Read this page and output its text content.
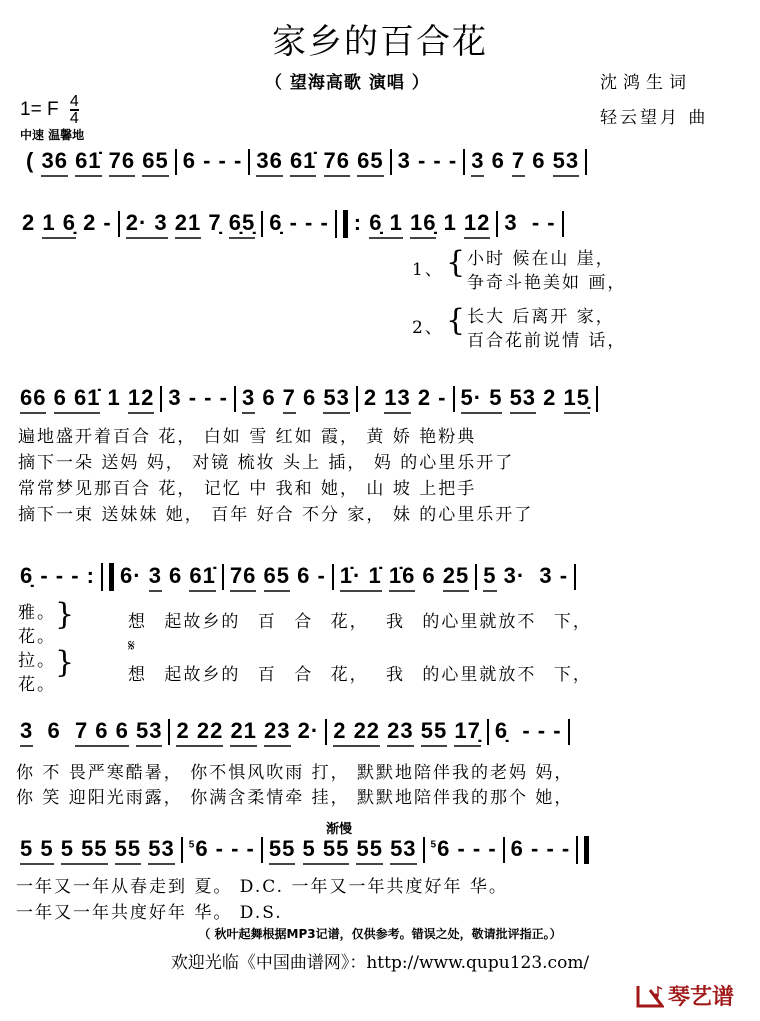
家乡的百合花
（ 望海高歌 演唱 ）	沈鸿生词
轻云望月 曲
1= F $\frac{4}{4}$
中速 温馨地
( 36 61̇ 76 65 6 - - - 36 61̇ 76 65 3 - - - 3 6 7 6 53
2 1 6̣ 2 - 2· 3 21 7̣ 6̣5̣ 6̣ - - - : 6̣ 1 16̣ 1 12 3  - -
1、 { 小时 候在山 崖，
争奇斗艳美如 画，
2、 { 长大 后离开 家，
百合花前说情 话，
66 6 61̇ 1 12 3 - - - 3 6 7 6 53 2 13 2 - 5· 5 53 2 15̣
遍地盛开着百合 花， 白如 雪 红如 霞， 黄 娇 艳粉典
摘下一朵 送妈 妈， 对镜 梳妆 头上 插， 妈 的心里乐开了
常常梦见那百合 花， 记忆 中 我和 她， 山 坡 上把手
摘下一束 送妹妹 她， 百年 好合 不分 家， 妹 的心里乐开了
6̣ - - - : 6· 3 6 61̇ 76 65 6 - 1̇· 1̇ 1̇6 6 25 5 3·  3 -
雅。
花。
}
拉。
花。
}
想 起故乡的 百 合 花， 我 的心里就放不 下，
𝄋
想 起故乡的 百 合 花， 我 的心里就放不 下，
3  6  7 6 6 53 2 22 21 23 2· 2 22 23 55 17̣ 6̣  - - -
你 不 畏严寒酷暑， 你不惧风吹雨 打， 默默地陪伴我的老妈 妈，
你 笑 迎阳光雨露， 你满含柔情牵 挂， 默默地陪伴我的那个 她，
渐慢
5 5 5 55 55 53 $^5$6 - - - 55 5 55 55 53 $^5$6 - - - 6 - - -
一年又一年从春走到 夏。 D.C. 一年又一年共度好年 华。
一年又一年共度好年 华。 D.S.
（ 秋叶起舞根据MP3记谱，仅供参考。错误之处，敬请批评指正。）
欢迎光临《中国曲谱网》：http://www.qupu123.com/
琴艺谱
